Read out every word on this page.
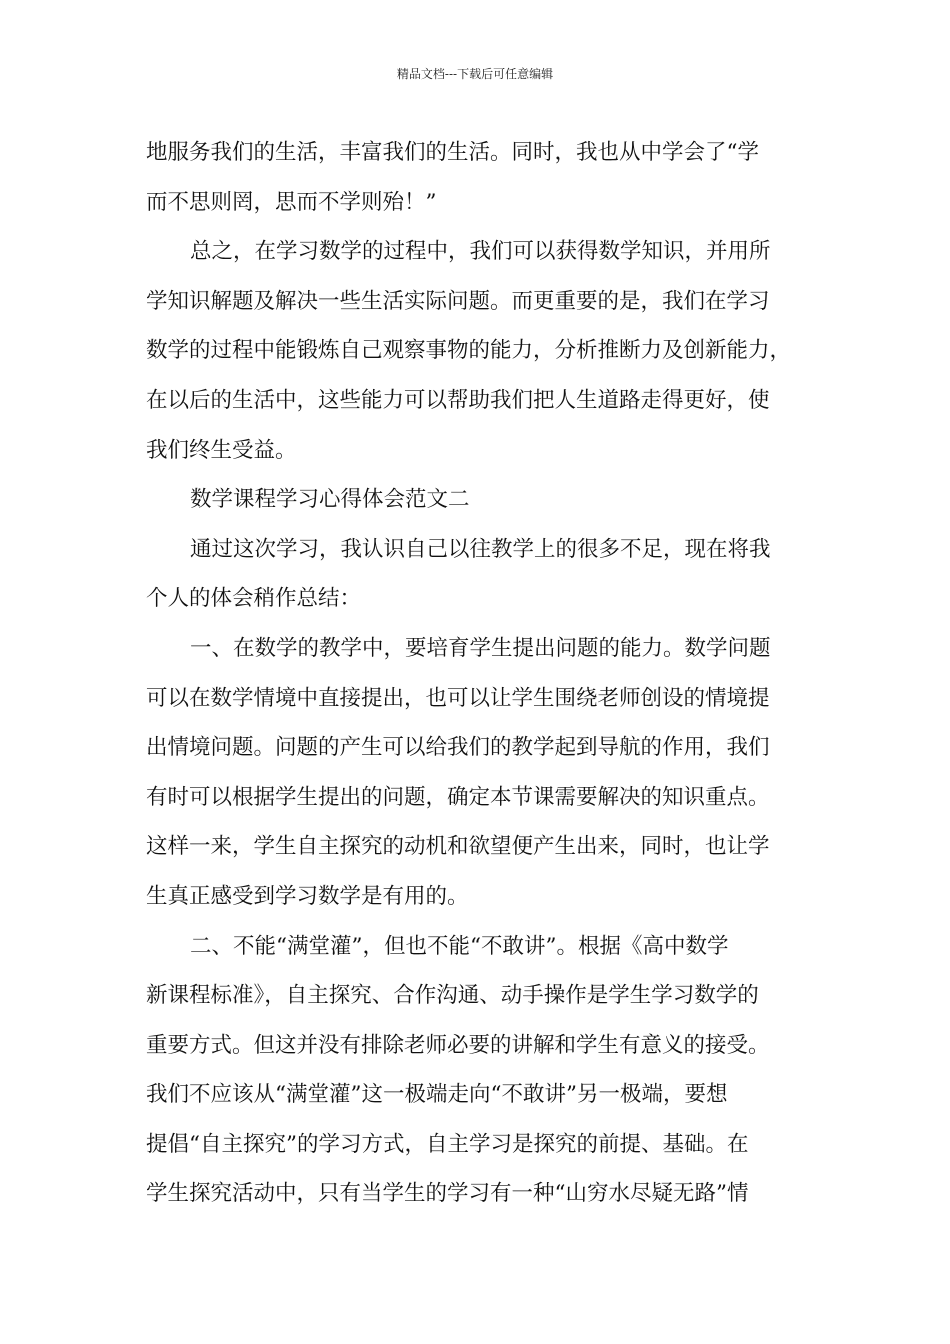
精品文档---下载后可任意编辑
地服务我们的生活，丰富我们的生活。同时，我也从中学会了“学
而不思则罔，思而不学则殆！”
总之，在学习数学的过程中，我们可以获得数学知识，并用所
学知识解题及解决一些生活实际问题。而更重要的是，我们在学习
数学的过程中能锻炼自己观察事物的能力，分析推断力及创新能力，
在以后的生活中，这些能力可以帮助我们把人生道路走得更好，使
我们终生受益。
数学课程学习心得体会范文二
通过这次学习，我认识自己以往教学上的很多不足，现在将我
个人的体会稍作总结：
一、在数学的教学中，要培育学生提出问题的能力。数学问题
可以在数学情境中直接提出，也可以让学生围绕老师创设的情境提
出情境问题。问题的产生可以给我们的教学起到导航的作用，我们
有时可以根据学生提出的问题，确定本节课需要解决的知识重点。
这样一来，学生自主探究的动机和欲望便产生出来，同时，也让学
生真正感受到学习数学是有用的。
二、不能“满堂灌”，但也不能“不敢讲”。根据《高中数学
新课程标准》，自主探究、合作沟通、动手操作是学生学习数学的
重要方式。但这并没有排除老师必要的讲解和学生有意义的接受。
我们不应该从“满堂灌”这一极端走向“不敢讲”另一极端，要想
提倡“自主探究”的学习方式，自主学习是探究的前提、基础。在
学生探究活动中，只有当学生的学习有一种“山穷水尽疑无路”情
